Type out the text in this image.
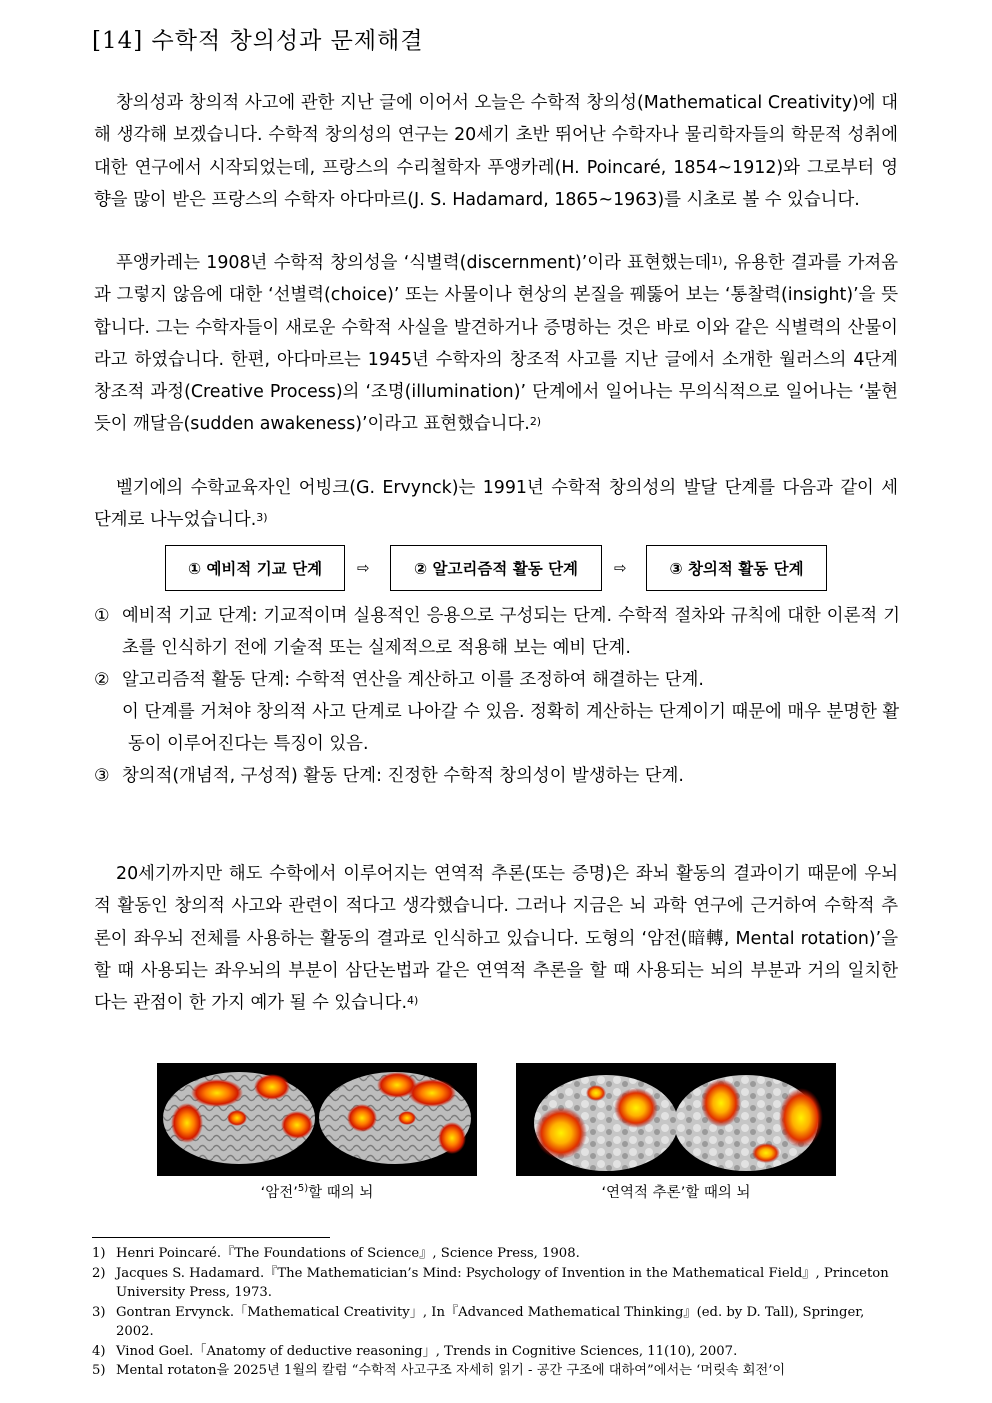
[14] 수학적 창의성과 문제해결

창의성과 창의적 사고에 관한 지난 글에 이어서 오늘은 수학적 창의성(Mathematical Creativity)에 대해 생각해 보겠습니다. 수학적 창의성의 연구는 20세기 초반 뛰어난 수학자나 물리학자들의 학문적 성취에 대한 연구에서 시작되었는데, 프랑스의 수리철학자 푸앵카레(H. Poincaré, 1854~1912)와 그로부터 영향을 많이 받은 프랑스의 수학자 아다마르(J. S. Hadamard, 1865~1963)를 시초로 볼 수 있습니다.

푸앵카레는 1908년 수학적 창의성을 ‘식별력(discernment)’이라 표현했는데$^{1)}$, 유용한 결과를 가져옴과 그렇지 않음에 대한 ‘선별력(choice)’ 또는 사물이나 현상의 본질을 꿰뚫어 보는 ‘통찰력(insight)’을 뜻합니다. 그는 수학자들이 새로운 수학적 사실을 발견하거나 증명하는 것은 바로 이와 같은 식별력의 산물이라고 하였습니다. 한편, 아다마르는 1945년 수학자의 창조적 사고를 지난 글에서 소개한 월러스의 4단계 창조적 과정(Creative Process)의 ‘조명(illumination)’ 단계에서 일어나는 무의식적으로 일어나는 ‘불현 듯이 깨달음(sudden awakeness)’이라고 표현했습니다.$^{2)}$

벨기에의 수학교육자인 어빙크(G. Ervynck)는 1991년 수학적 창의성의 발달 단계를 다음과 같이 세 단계로 나누었습니다.$^{3)}$

① 예비적 기교 단계	⇨	② 알고리즘적 활동 단계	⇨	③ 창의적 활동 단계
① 예비적 기교 단계: 기교적이며 실용적인 응용으로 구성되는 단계. 수학적 절차와 규칙에 대한 이론적 기초를 인식하기 전에 기술적 또는 실제적으로 적용해 보는 예비 단계.
② 알고리즘적 활동 단계: 수학적 연산을 계산하고 이를 조정하여 해결하는 단계.

이 단계를 거쳐야 창의적 사고 단계로 나아갈 수 있음. 정확히 계산하는 단계이기 때문에 매우 분명한 활동이 이루어진다는 특징이 있음.

③ 창의적(개념적, 구성적) 활동 단계: 진정한 수학적 창의성이 발생하는 단계.

20세기까지만 해도 수학에서 이루어지는 연역적 추론(또는 증명)은 좌뇌 활동의 결과이기 때문에 우뇌적 활동인 창의적 사고와 관련이 적다고 생각했습니다. 그러나 지금은 뇌 과학 연구에 근거하여 수학적 추론이 좌우뇌 전체를 사용하는 활동의 결과로 인식하고 있습니다. 도형의 ‘암전(暗轉, Mental rotation)’을 할 때 사용되는 좌우뇌의 부분이 삼단논법과 같은 연역적 추론을 할 때 사용되는 뇌의 부분과 거의 일치한다는 관점이 한 가지 예가 될 수 있습니다.$^{4)}$

‘암전’$^{5)}$할 때의 뇌	‘연역적 추론’할 때의 뇌
1) Henri Poincaré.『The Foundations of Science』, Science Press, 1908.
2) Jacques S. Hadamard.『The Mathematician’s Mind: Psychology of Invention in the Mathematical Field』, Princeton University Press, 1973.
3) Gontran Ervynck.「Mathematical Creativity」, In『Advanced Mathematical Thinking』(ed. by D. Tall), Springer, 2002.
4) Vinod Goel.「Anatomy of deductive reasoning」, Trends in Cognitive Sciences, 11(10), 2007.
5) Mental rotaton을 2025년 1월의 칼럼 “수학적 사고구조 자세히 읽기 - 공간 구조에 대하여”에서는 ‘머릿속 회전’이
